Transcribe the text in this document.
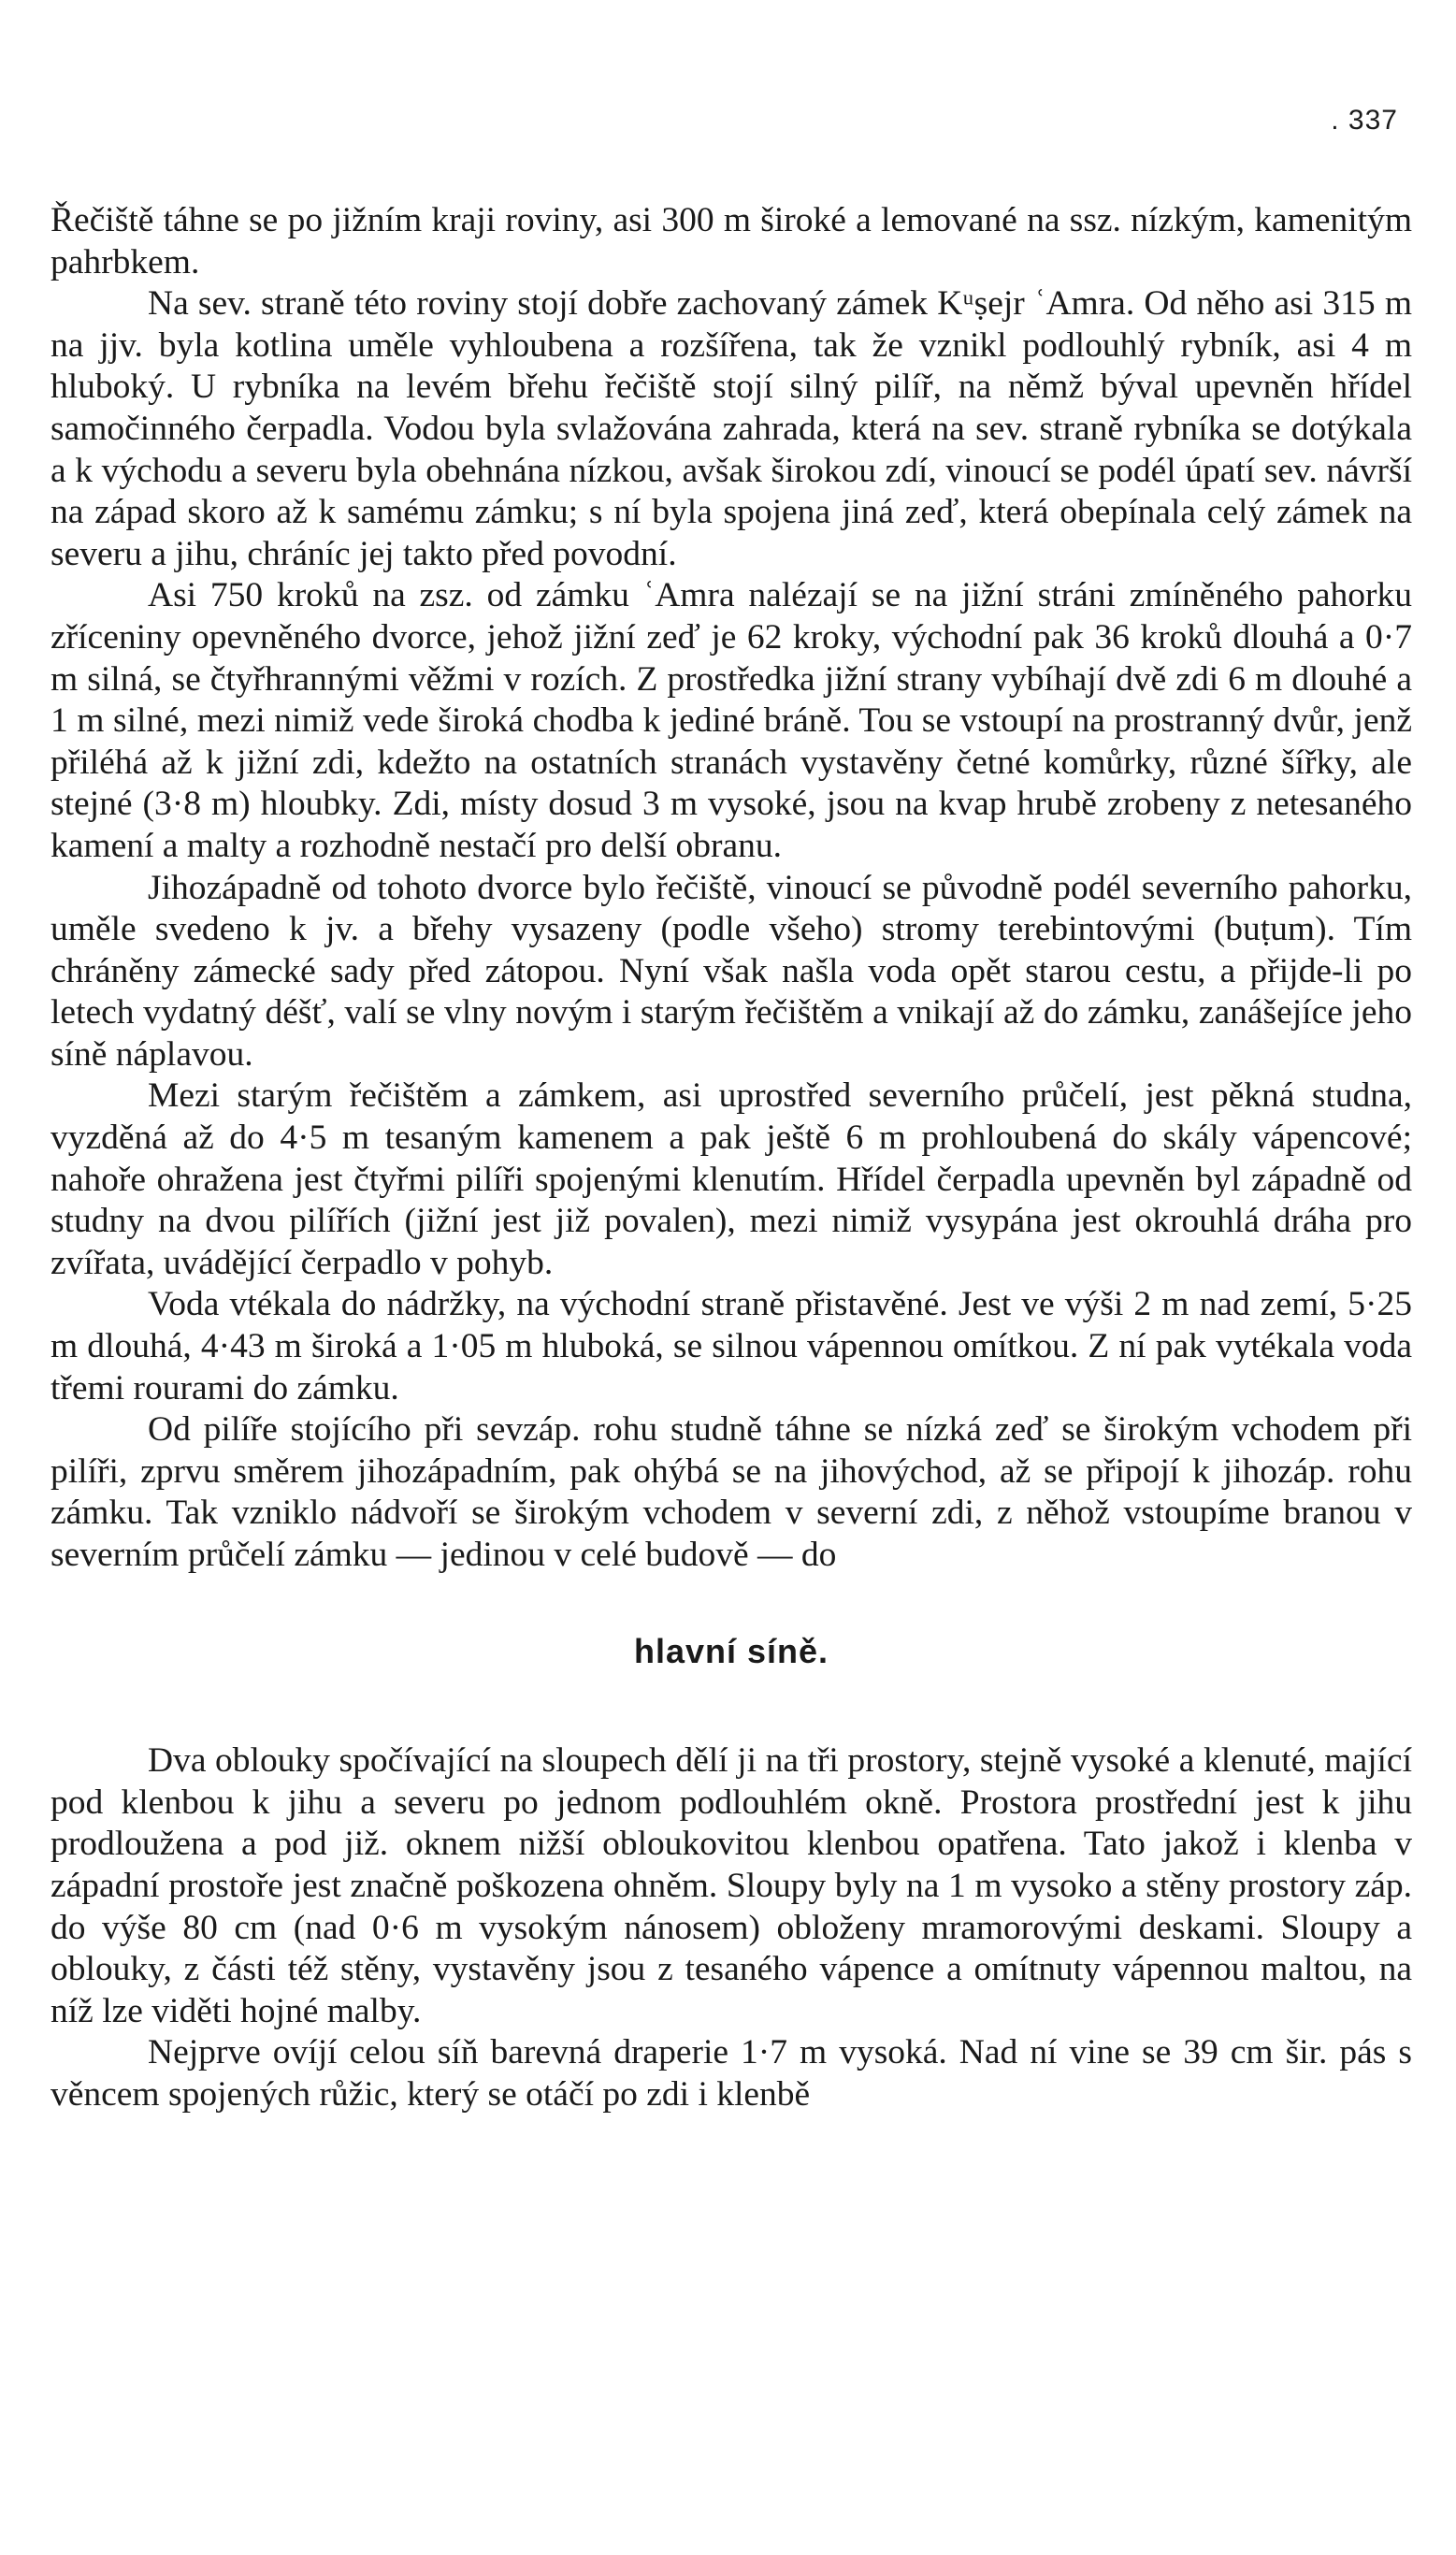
. 337

Řečiště táhne se po jižním kraji roviny, asi 300 m široké a lemované na ssz. nízkým, kamenitým pahrbkem.

Na sev. straně této roviny stojí dobře zachovaný zámek Kᵘṣejr ʿAmra. Od něho asi 315 m na jjv. byla kotlina uměle vyhloubena a rozšířena, tak že vznikl podlouhlý rybník, asi 4 m hluboký. U rybníka na levém břehu řečiště stojí silný pilíř, na němž býval upevněn hřídel samočinného čerpadla. Vodou byla svlažována zahrada, která na sev. straně rybníka se dotýkala a k východu a severu byla obehnána nízkou, avšak širokou zdí, vinoucí se podél úpatí sev. návrší na západ skoro až k samému zámku; s ní byla spojena jiná zeď, která obepínala celý zámek na severu a jihu, chráníc jej takto před povodní.

Asi 750 kroků na zsz. od zámku ʿAmra nalézají se na jižní stráni zmíněného pahorku zříceniny opevněného dvorce, jehož jižní zeď je 62 kroky, východní pak 36 kroků dlouhá a 0·7 m silná, se čtyřhrannými věžmi v rozích. Z prostředka jižní strany vybíhají dvě zdi 6 m dlouhé a 1 m silné, mezi nimiž vede široká chodba k jediné bráně. Tou se vstoupí na prostranný dvůr, jenž přiléhá až k jižní zdi, kdežto na ostatních stranách vystavěny četné komůrky, různé šířky, ale stejné (3·8 m) hloubky. Zdi, místy dosud 3 m vysoké, jsou na kvap hrubě zrobeny z netesaného kamení a malty a rozhodně nestačí pro delší obranu.

Jihozápadně od tohoto dvorce bylo řečiště, vinoucí se původně podél severního pahorku, uměle svedeno k jv. a břehy vysazeny (podle všeho) stromy terebintovými (buṭum). Tím chráněny zámecké sady před zátopou. Nyní však našla voda opět starou cestu, a přijde-li po letech vydatný déšť, valí se vlny novým i starým řečištěm a vnikají až do zámku, zanášejíce jeho síně náplavou.

Mezi starým řečištěm a zámkem, asi uprostřed severního průčelí, jest pěkná studna, vyzděná až do 4·5 m tesaným kamenem a pak ještě 6 m prohloubená do skály vápencové; nahoře ohražena jest čtyřmi pilíři spojenými klenutím. Hřídel čerpadla upevněn byl západně od studny na dvou pilířích (jižní jest již povalen), mezi nimiž vysypána jest okrouhlá dráha pro zvířata, uvádějící čerpadlo v pohyb.

Voda vtékala do nádržky, na východní straně přistavěné. Jest ve výši 2 m nad zemí, 5·25 m dlouhá, 4·43 m široká a 1·05 m hluboká, se silnou vápennou omítkou. Z ní pak vytékala voda třemi rourami do zámku.

Od pilíře stojícího při sevzáp. rohu studně táhne se nízká zeď se širokým vchodem při pilíři, zprvu směrem jihozápadním, pak ohýbá se na jihovýchod, až se připojí k jihozáp. rohu zámku. Tak vzniklo nádvoří se širokým vchodem v severní zdi, z něhož vstoupíme branou v severním průčelí zámku — jedinou v celé budově — do

hlavní síně.

Dva oblouky spočívající na sloupech dělí ji na tři prostory, stejně vysoké a klenuté, mající pod klenbou k jihu a severu po jednom podlouhlém okně. Prostora prostřední jest k jihu prodloužena a pod již. oknem nižší obloukovitou klenbou opatřena. Tato jakož i klenba v západní prostoře jest značně poškozena ohněm. Sloupy byly na 1 m vysoko a stěny prostory záp. do výše 80 cm (nad 0·6 m vysokým nánosem) obloženy mramorovými deskami. Sloupy a oblouky, z části též stěny, vystavěny jsou z tesaného vápence a omítnuty vápennou maltou, na níž lze viděti hojné malby.

Nejprve ovíjí celou síň barevná draperie 1·7 m vysoká. Nad ní vine se 39 cm šir. pás s věncem spojených růžic, který se otáčí po zdi i klenbě
